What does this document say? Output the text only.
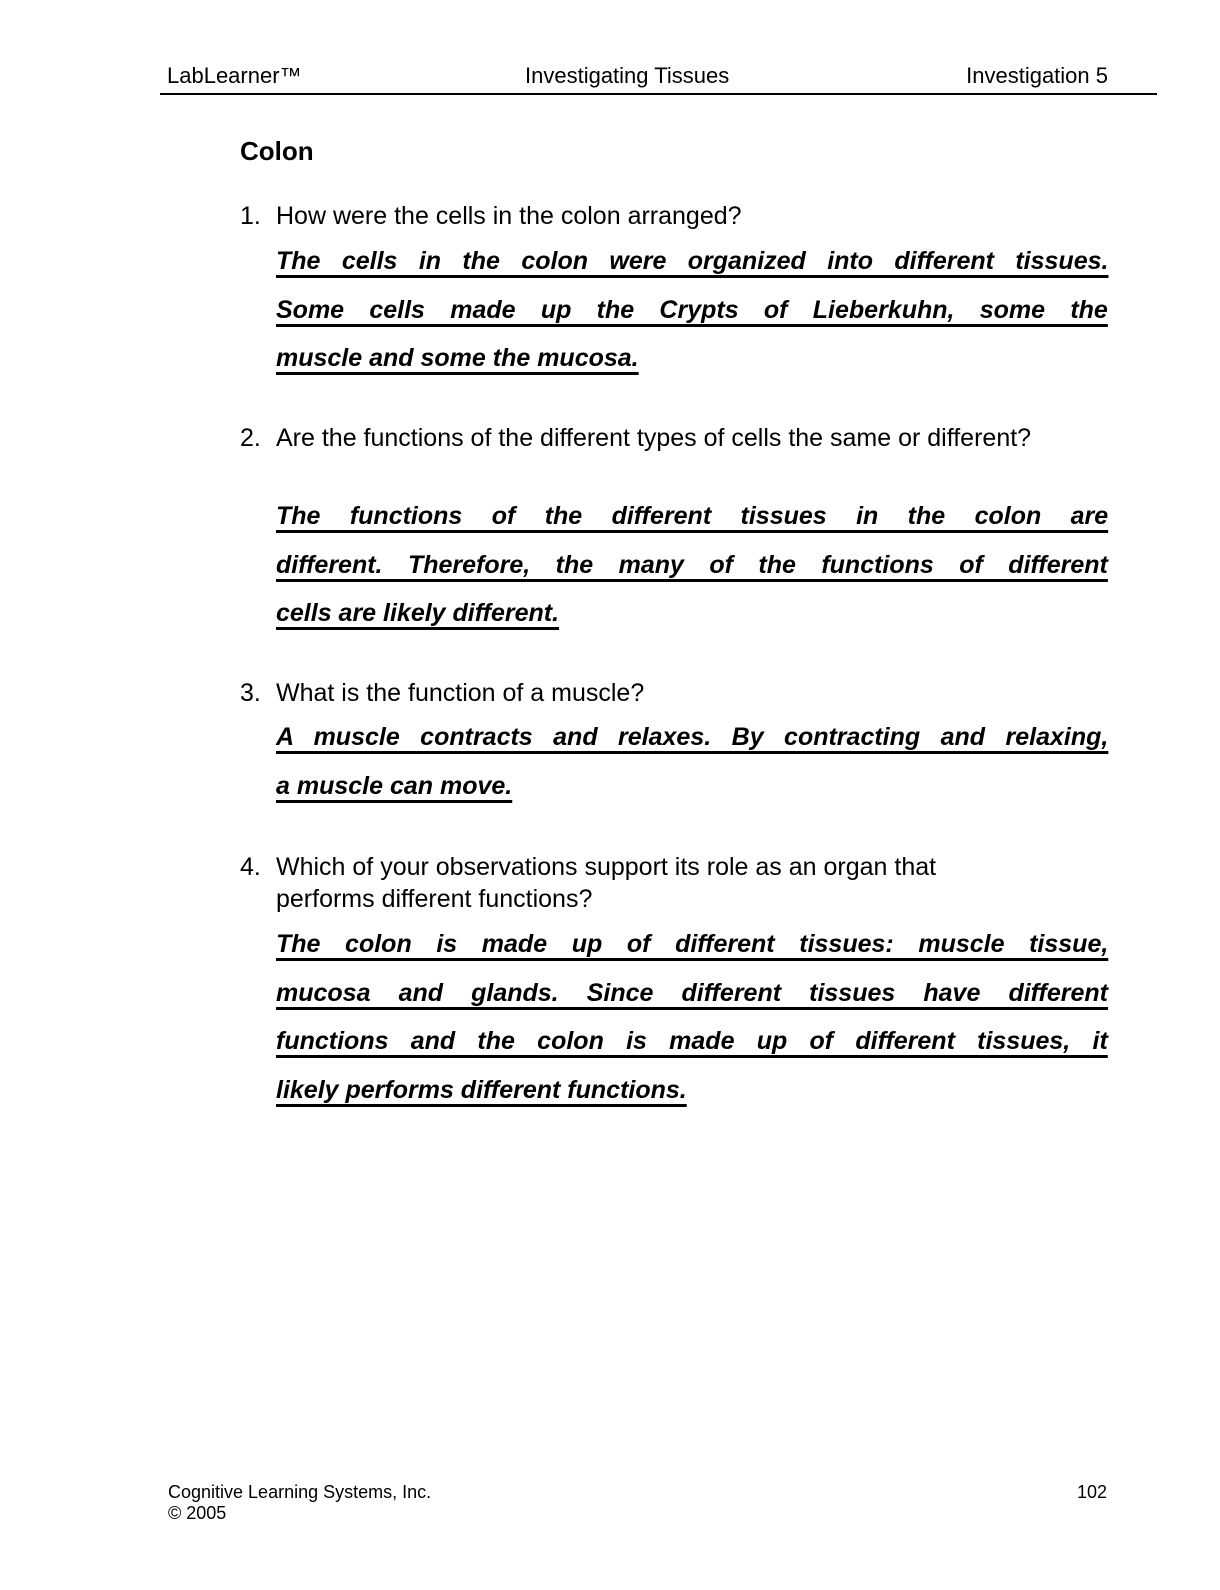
LabLearner™	Investigating Tissues	Investigation 5
Colon
1. How were the cells in the colon arranged?
The cells in the colon were organized into different tissues.
Some cells made up the Crypts of Lieberkuhn, some the
muscle and some the mucosa.
2. Are the functions of the different types of cells the same or different?
The functions of the different tissues in the colon are
different. Therefore, the many of the functions of different
cells are likely different.
3. What is the function of a muscle?
A muscle contracts and relaxes. By contracting and relaxing,
a muscle can move.
4. Which of your observations support its role as an organ that performs different functions?
The colon is made up of different tissues: muscle tissue,
mucosa and glands. Since different tissues have different
functions and the colon is made up of different tissues, it
likely performs different functions.
Cognitive Learning Systems, Inc.
© 2005
102
